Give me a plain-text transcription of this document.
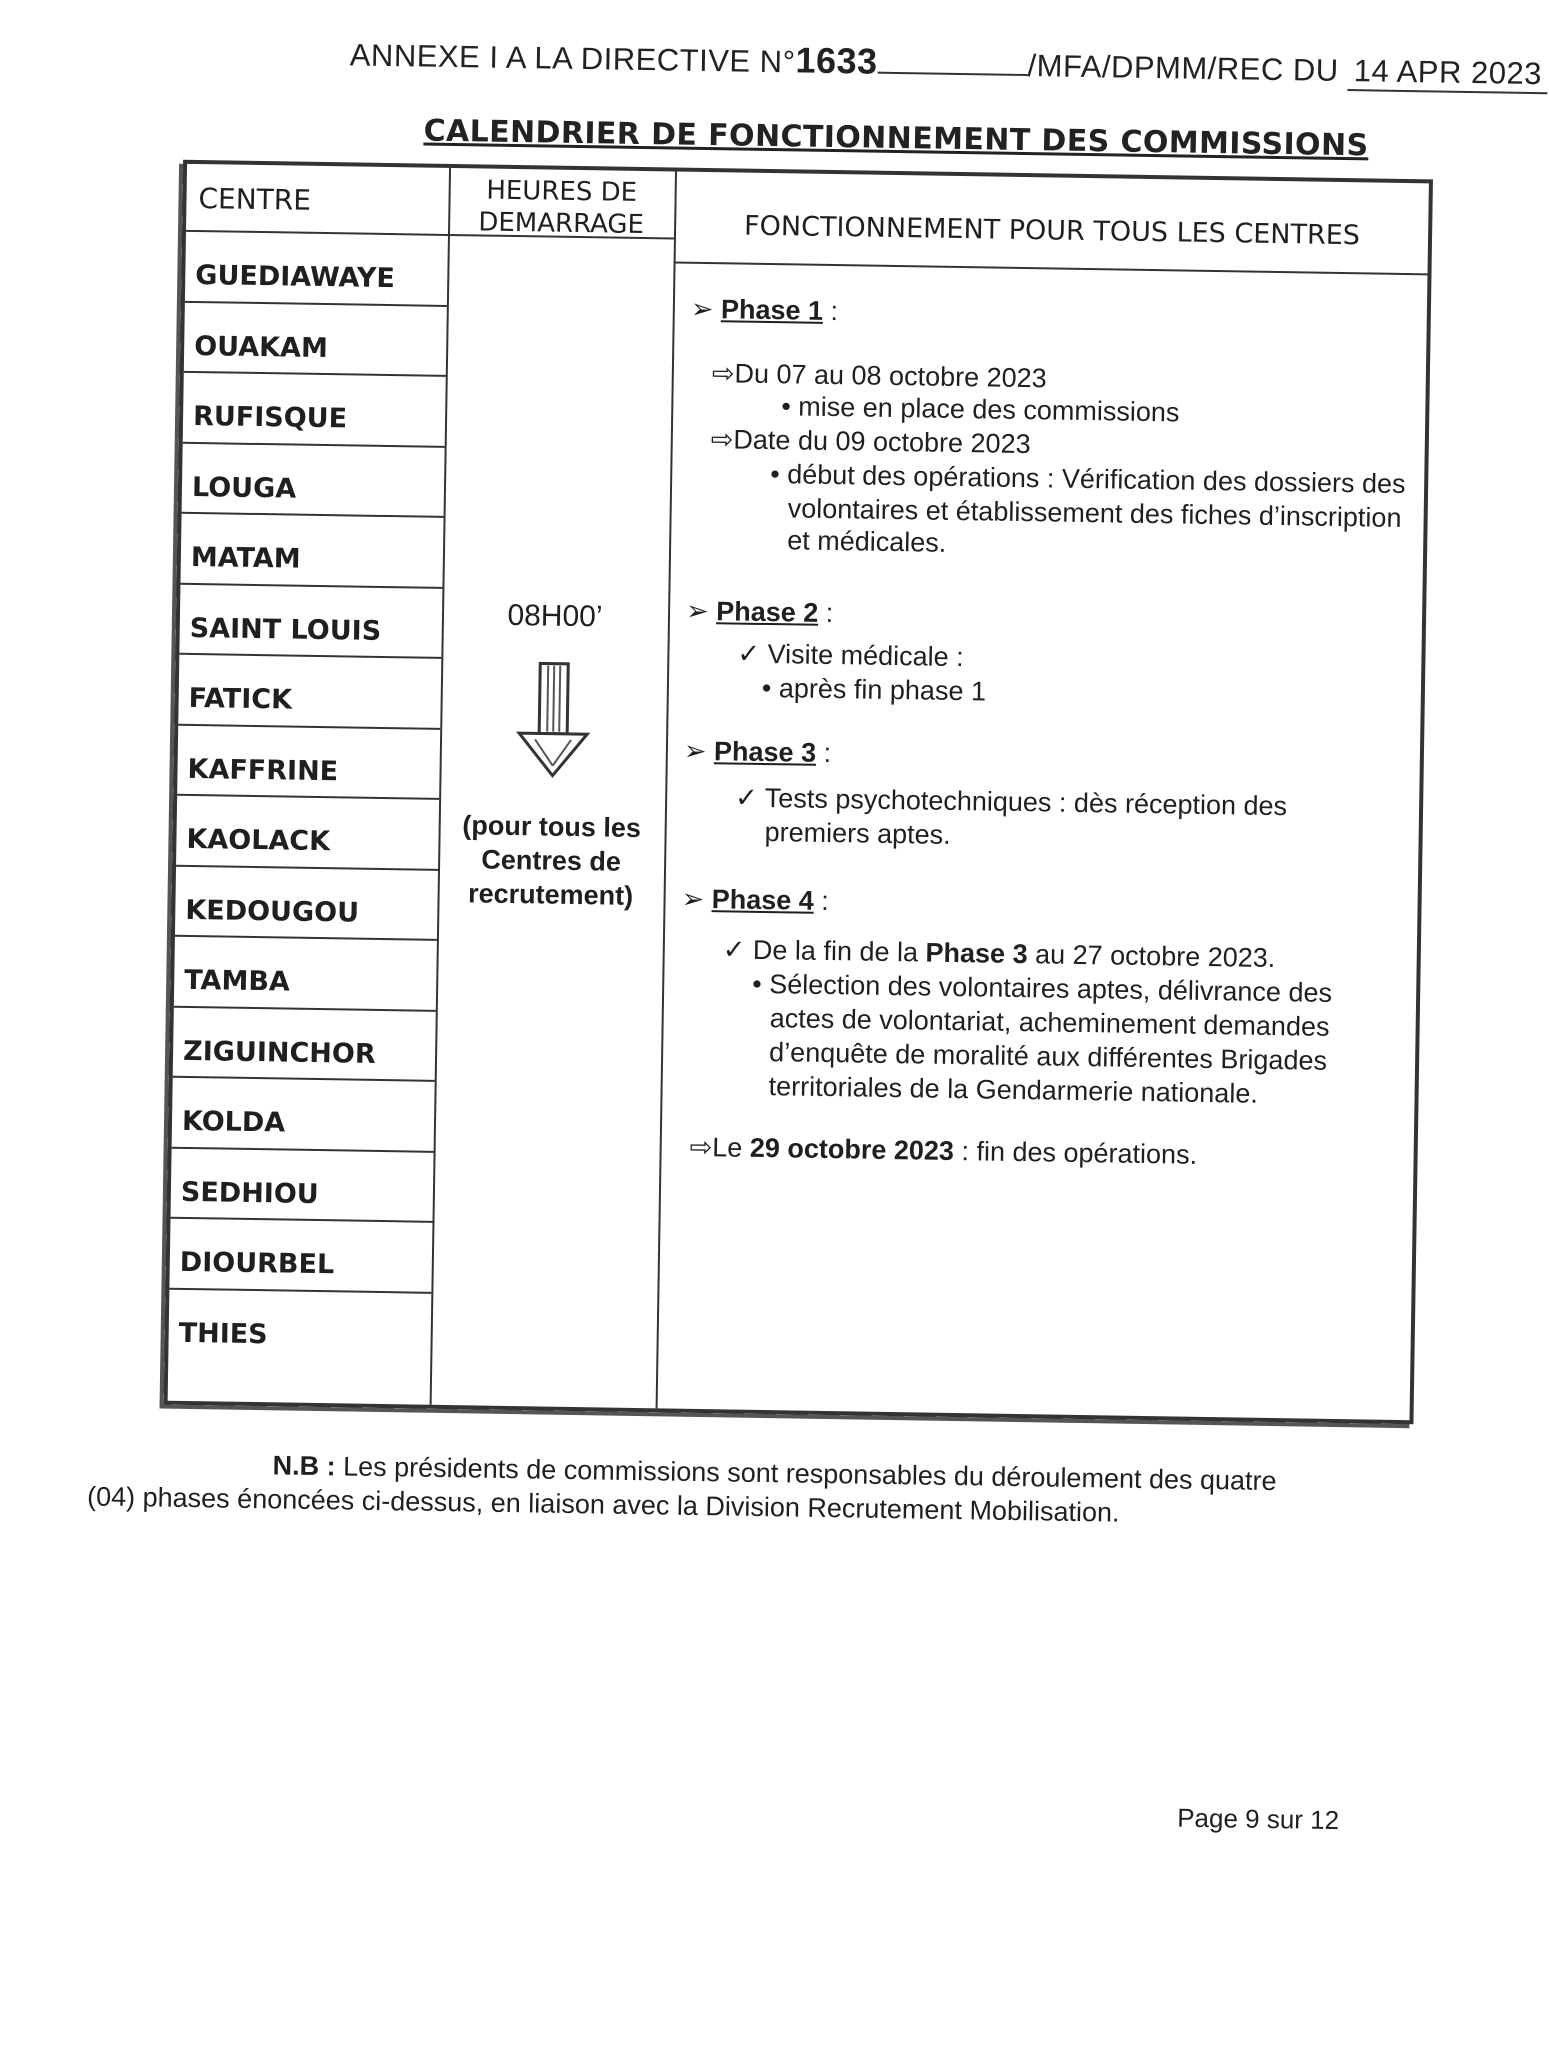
ANNEXE I A LA DIRECTIVE N°1633	/MFA/DPMM/REC DU 14 APR 2023
CALENDRIER DE FONCTIONNEMENT DES COMMISSIONS
CENTRE
GUEDIAWAYE
OUAKAM
RUFISQUE
LOUGA
MATAM
SAINT LOUIS
FATICK
KAFFRINE
KAOLACK
KEDOUGOU
TAMBA
ZIGUINCHOR
KOLDA
SEDHIOU
DIOURBEL
THIES
HEURES DE DEMARRAGE
08H00’
(pour tous les Centres de recrutement)
FONCTIONNEMENT POUR TOUS LES CENTRES
➢ Phase 1 :
⇨Du 07 au 08 octobre 2023
• mise en place des commissions
⇨Date du 09 octobre 2023
• début des opérations : Vérification des dossiers des
volontaires et établissement des fiches d’inscription
et médicales.
➢ Phase 2 :
✓ Visite médicale :
• après fin phase 1
➢ Phase 3 :
✓ Tests psychotechniques : dès réception des
premiers aptes.
➢ Phase 4 :
✓ De la fin de la Phase 3 au 27 octobre 2023.
• Sélection des volontaires aptes, délivrance des
actes de volontariat, acheminement demandes
d’enquête de moralité aux différentes Brigades
territoriales de la Gendarmerie nationale.
⇨Le 29 octobre 2023 : fin des opérations.
N.B : Les présidents de commissions sont responsables du déroulement des quatre
(04) phases énoncées ci-dessus, en liaison avec la Division Recrutement Mobilisation.
Page 9 sur 12
